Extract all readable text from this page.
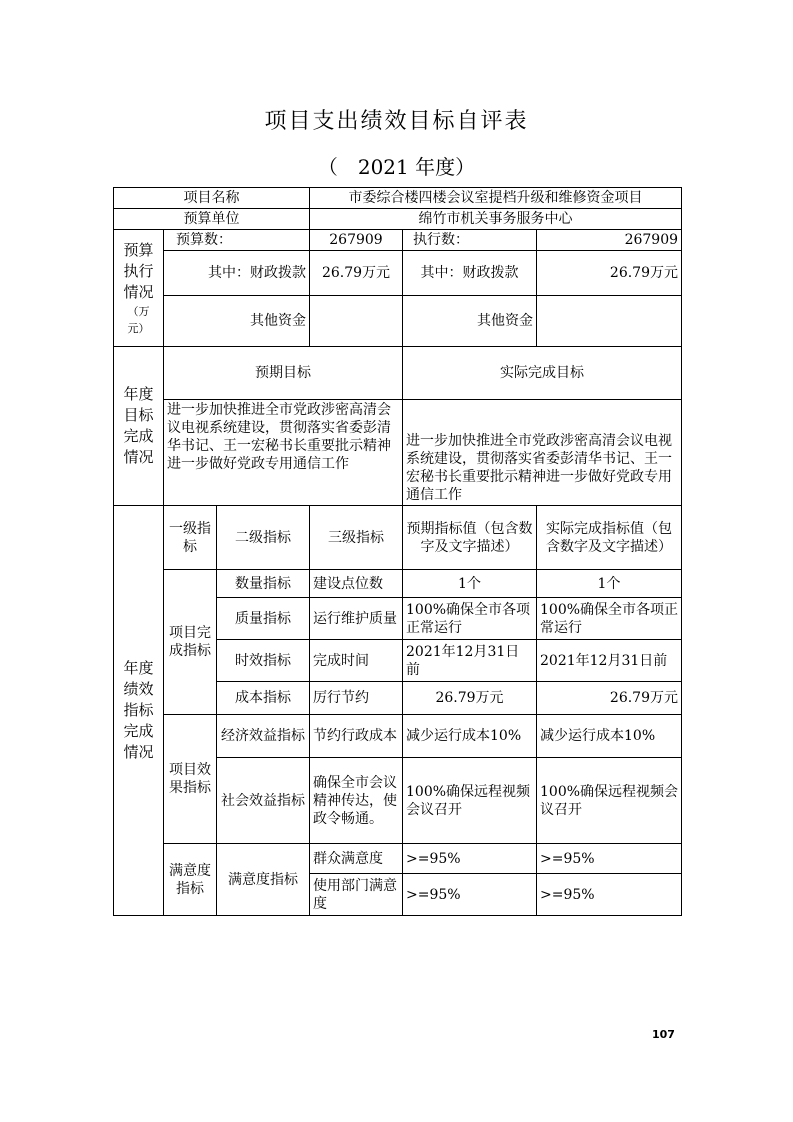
项目支出绩效目标自评表
（　2021 年度）
项目名称			市委综合楼四楼会议室提档升级和维修资金项目		
预算单位			绵竹市机关事务服务中心		

预算执行情况
（万元）	预算数：		267909	执行数：	267909
	其中：财政拨款		26.79万元	其中：财政拨款	26.79万元
	其他资金			其他资金	
年度目标完成情况	预期目标			实际完成目标	
	进一步加快推进全市党政涉密高清会议电视系统建设，贯彻落实省委彭清华书记、王一宏秘书长重要批示精神进一步做好党政专用通信工作			进一步加快推进全市党政涉密高清会议电视系统建设，贯彻落实省委彭清华书记、王一宏秘书长重要批示精神进一步做好党政专用通信工作	
年度绩效指标完成情况	一级指标	二级指标	三级指标	预期指标值（包含数字及文字描述）	实际完成指标值（包含数字及文字描述）
	项目完成指标	数量指标	建设点位数	1个	1个
		质量指标	运行维护质量	100%确保全市各项正常运行	100%确保全市各项正常运行
		时效指标	完成时间	2021年12月31日前	2021年12月31日前
		成本指标	厉行节约	26.79万元	26.79万元
	项目效果指标	经济效益指标	节约行政成本	减少运行成本10%	减少运行成本10%
		社会效益指标	确保全市会议精神传达，使政令畅通。	100%确保远程视频会议召开	100%确保远程视频会议召开
	满意度指标	满意度指标	群众满意度	>=95%	>=95%
			使用部门满意度	>=95%	>=95%
107
